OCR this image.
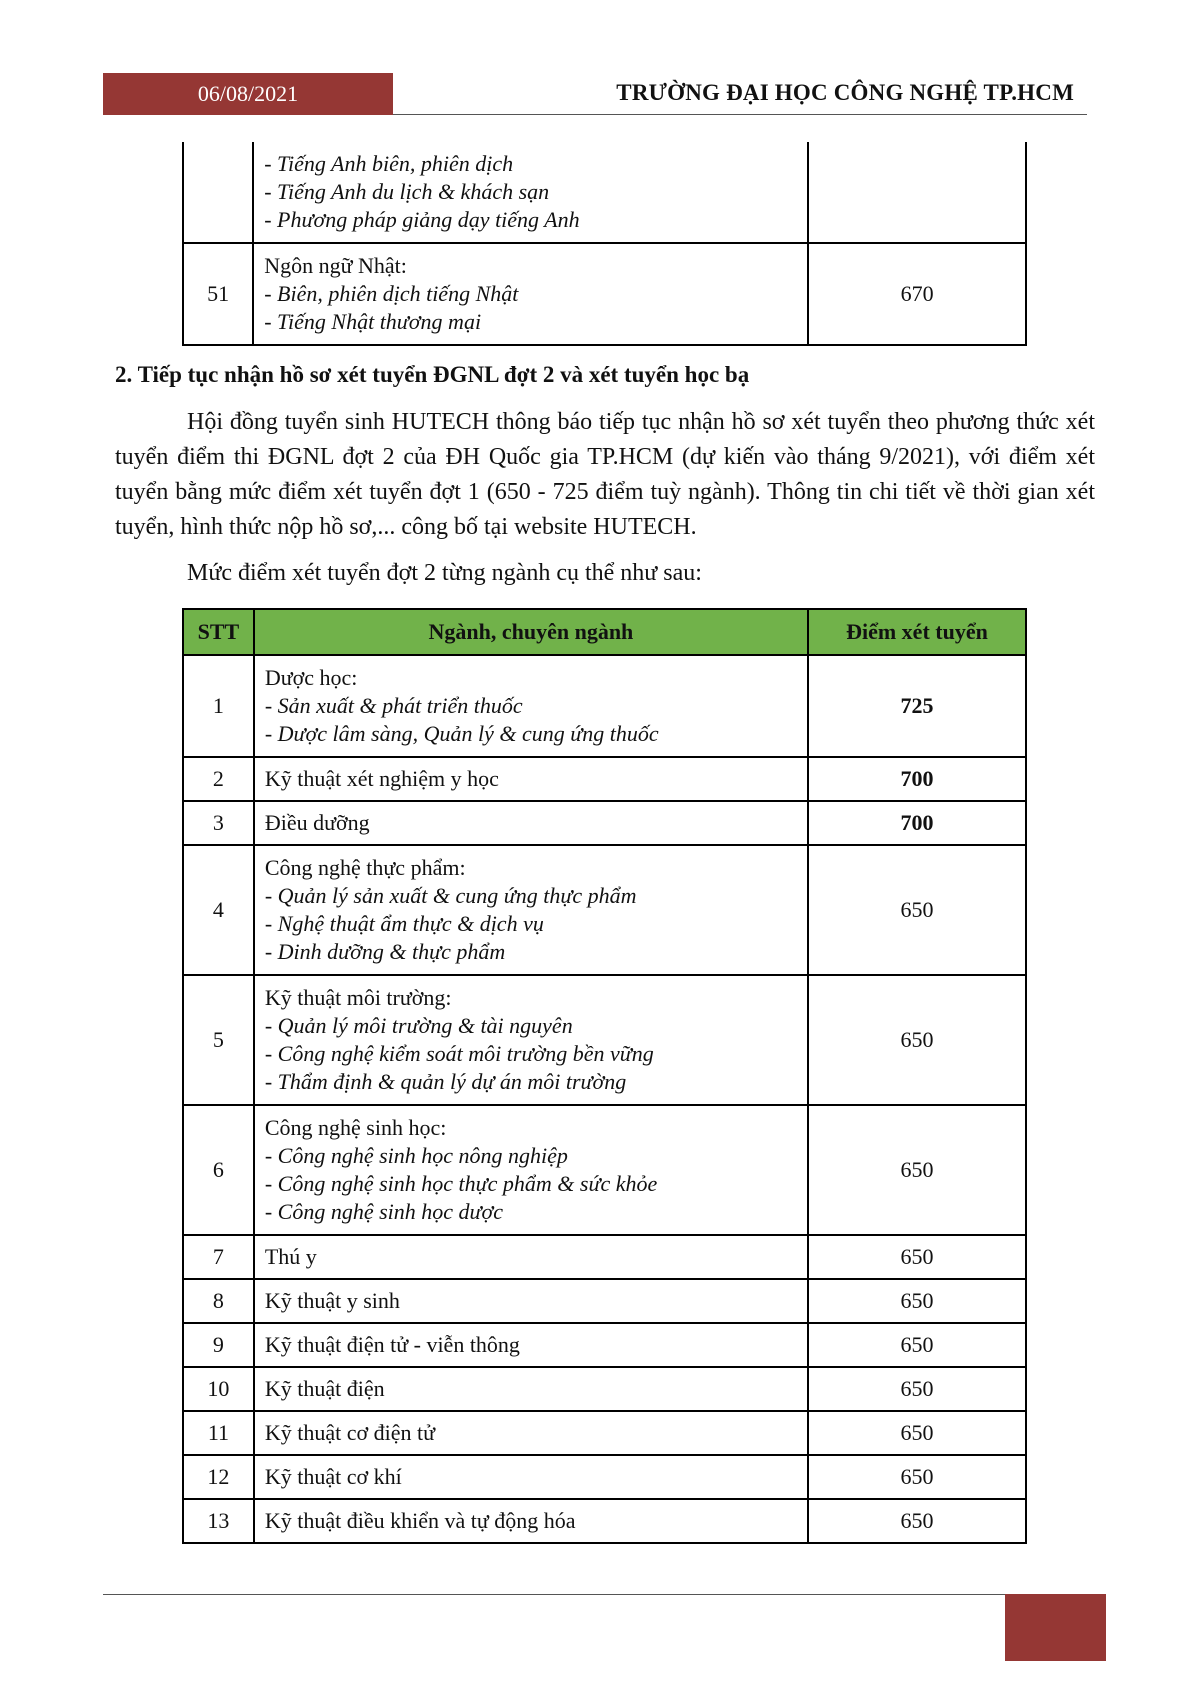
06/08/2021	TRƯỜNG ĐẠI HỌC CÔNG NGHỆ TP.HCM

	- Tiếng Anh biên, phiên dịch
- Tiếng Anh du lịch & khách sạn
- Phương pháp giảng dạy tiếng Anh	

51	Ngôn ngữ Nhật:
- Biên, phiên dịch tiếng Nhật
- Tiếng Nhật thương mại	670
2. Tiếp tục nhận hồ sơ xét tuyển ĐGNL đợt 2 và xét tuyển học bạ

Hội đồng tuyển sinh HUTECH thông báo tiếp tục nhận hồ sơ xét tuyển theo phương thức xét tuyển điểm thi ĐGNL đợt 2 của ĐH Quốc gia TP.HCM (dự kiến vào tháng 9/2021), với điểm xét tuyển bằng mức điểm xét tuyển đợt 1 (650 - 725 điểm tuỳ ngành). Thông tin chi tiết về thời gian xét tuyển, hình thức nộp hồ sơ,... công bố tại website HUTECH.

Mức điểm xét tuyển đợt 2 từng ngành cụ thể như sau:
STT	Ngành, chuyên ngành	Điểm xét tuyển
1	Dược học:
- Sản xuất & phát triển thuốc
- Dược lâm sàng, Quản lý & cung ứng thuốc	725
2	Kỹ thuật xét nghiệm y học	700
3	Điều dưỡng	700
4	Công nghệ thực phẩm:
- Quản lý sản xuất & cung ứng thực phẩm
- Nghệ thuật ẩm thực & dịch vụ
- Dinh dưỡng & thực phẩm	650
5	Kỹ thuật môi trường:
- Quản lý môi trường & tài nguyên
- Công nghệ kiểm soát môi trường bền vững
- Thẩm định & quản lý dự án môi trường	650
6	Công nghệ sinh học:
- Công nghệ sinh học nông nghiệp
- Công nghệ sinh học thực phẩm & sức khỏe
- Công nghệ sinh học dược	650
7	Thú y	650
8	Kỹ thuật y sinh	650
9	Kỹ thuật điện tử - viễn thông	650
10	Kỹ thuật điện	650
11	Kỹ thuật cơ điện tử	650
12	Kỹ thuật cơ khí	650
13	Kỹ thuật điều khiển và tự động hóa	650
